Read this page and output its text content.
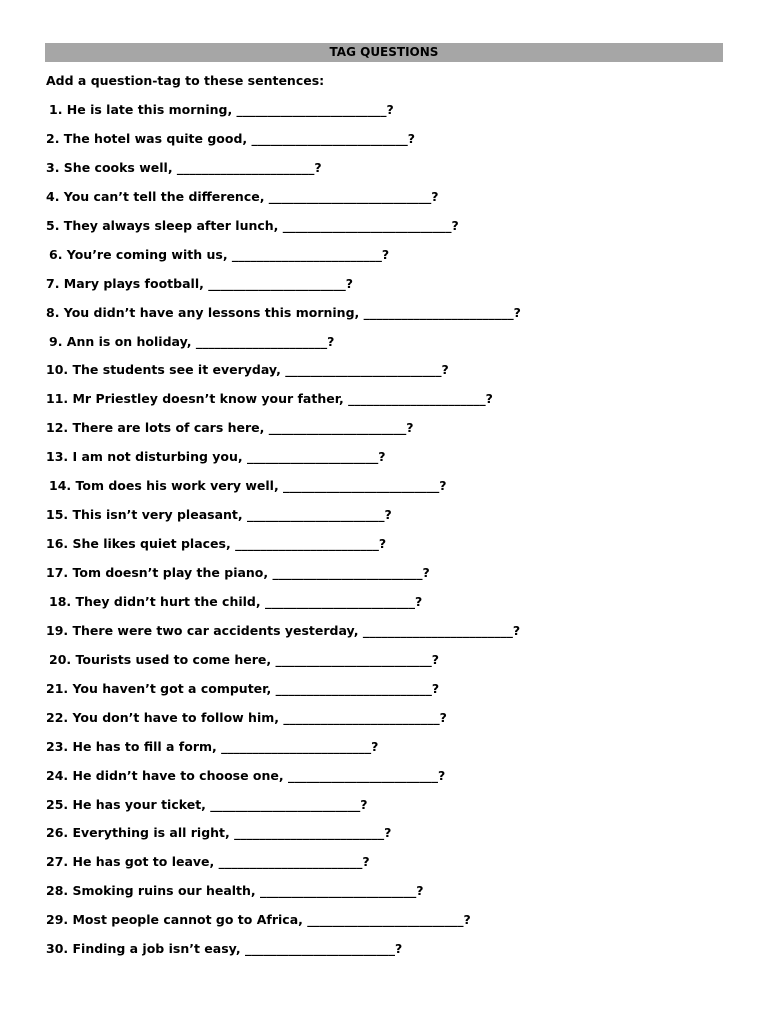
TAG QUESTIONS
Add a question-tag to these sentences:
1. He is late this morning, ________________________?
2. The hotel was quite good, _________________________?
3. She cooks well, ______________________?
4. You can’t tell the difference, __________________________?
5. They always sleep after lunch, ___________________________?
6. You’re coming with us, ________________________?
7. Mary plays football, ______________________?
8. You didn’t have any lessons this morning, ________________________?
9. Ann is on holiday, _____________________?
10. The students see it everyday, _________________________?
11. Mr Priestley doesn’t know your father, ______________________?
12. There are lots of cars here, ______________________?
13. I am not disturbing you, _____________________?
14. Tom does his work very well, _________________________?
15. This isn’t very pleasant, ______________________?
16. She likes quiet places, _______________________?
17. Tom doesn’t play the piano, ________________________?
18. They didn’t hurt the child, ________________________?
19. There were two car accidents yesterday, ________________________?
20. Tourists used to come here, _________________________?
21. You haven’t got a computer, _________________________?
22. You don’t have to follow him, _________________________?
23. He has to fill a form, ________________________?
24. He didn’t have to choose one, ________________________?
25. He has your ticket, ________________________?
26. Everything is all right, ________________________?
27. He has got to leave, _______________________?
28. Smoking ruins our health, _________________________?
29. Most people cannot go to Africa, _________________________?
30. Finding a job isn’t easy, ________________________?
